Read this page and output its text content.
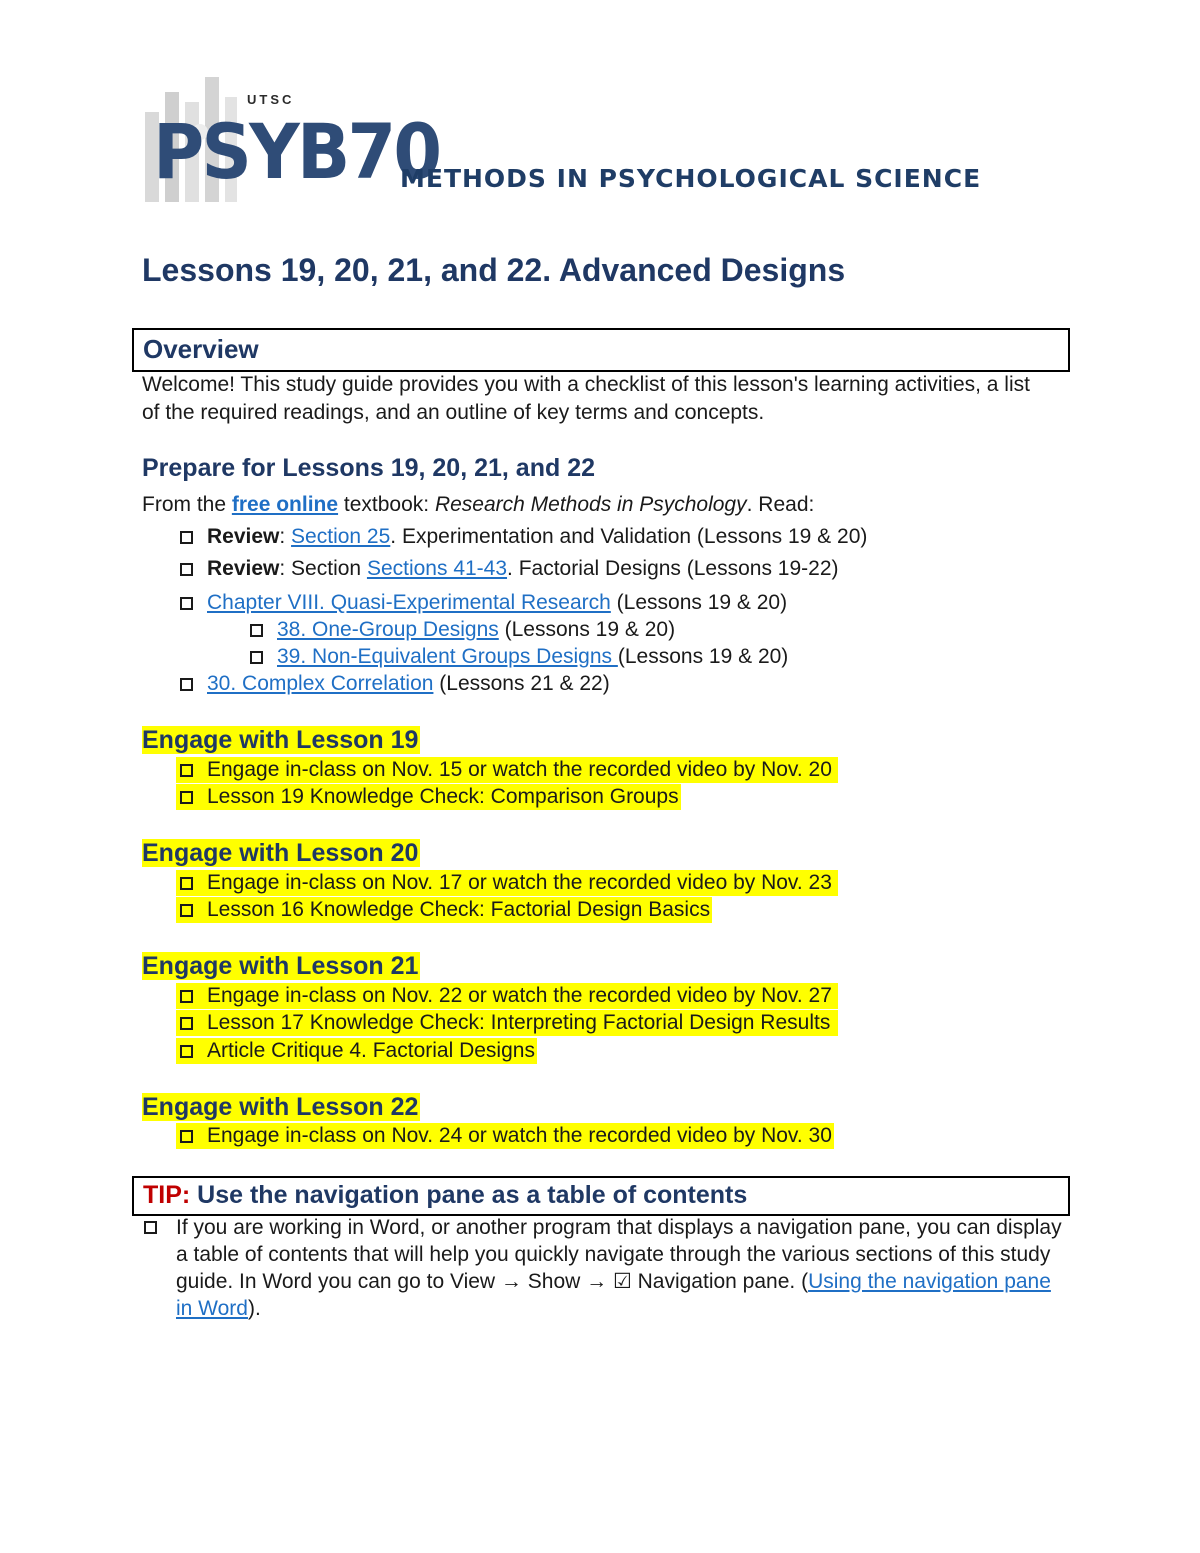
UTSC
PSYB70
METHODS IN PSYCHOLOGICAL SCIENCE
Lessons 19, 20, 21, and 22. Advanced Designs
Overview

Welcome! This study guide provides you with a checklist of this lesson's learning activities, a list of the required readings, and an outline of key terms and concepts.

Prepare for Lessons 19, 20, 21, and 22
From the free online textbook: Research Methods in Psychology. Read:
Review: Section 25. Experimentation and Validation (Lessons 19 & 20)
Review: Section Sections 41-43. Factorial Designs (Lessons 19-22)
Chapter VIII. Quasi-Experimental Research (Lessons 19 & 20)
38. One-Group Designs (Lessons 19 & 20)
39. Non-Equivalent Groups Designs (Lessons 19 & 20)
30. Complex Correlation (Lessons 21 & 22)
Engage with Lesson 19
Engage in-class on Nov. 15 or watch the recorded video by Nov. 20
Lesson 19 Knowledge Check: Comparison Groups
Engage with Lesson 20
Engage in-class on Nov. 17 or watch the recorded video by Nov. 23
Lesson 16 Knowledge Check: Factorial Design Basics
Engage with Lesson 21
Engage in-class on Nov. 22 or watch the recorded video by Nov. 27
Lesson 17 Knowledge Check: Interpreting Factorial Design Results
Article Critique 4. Factorial Designs
Engage with Lesson 22
Engage in-class on Nov. 24 or watch the recorded video by Nov. 30
TIP: Use the navigation pane as a table of contents
If you are working in Word, or another program that displays a navigation pane, you can display a table of contents that will help you quickly navigate through the various sections of this study guide. In Word you can go to View → Show → ☑ Navigation pane. (Using the navigation pane in Word).
